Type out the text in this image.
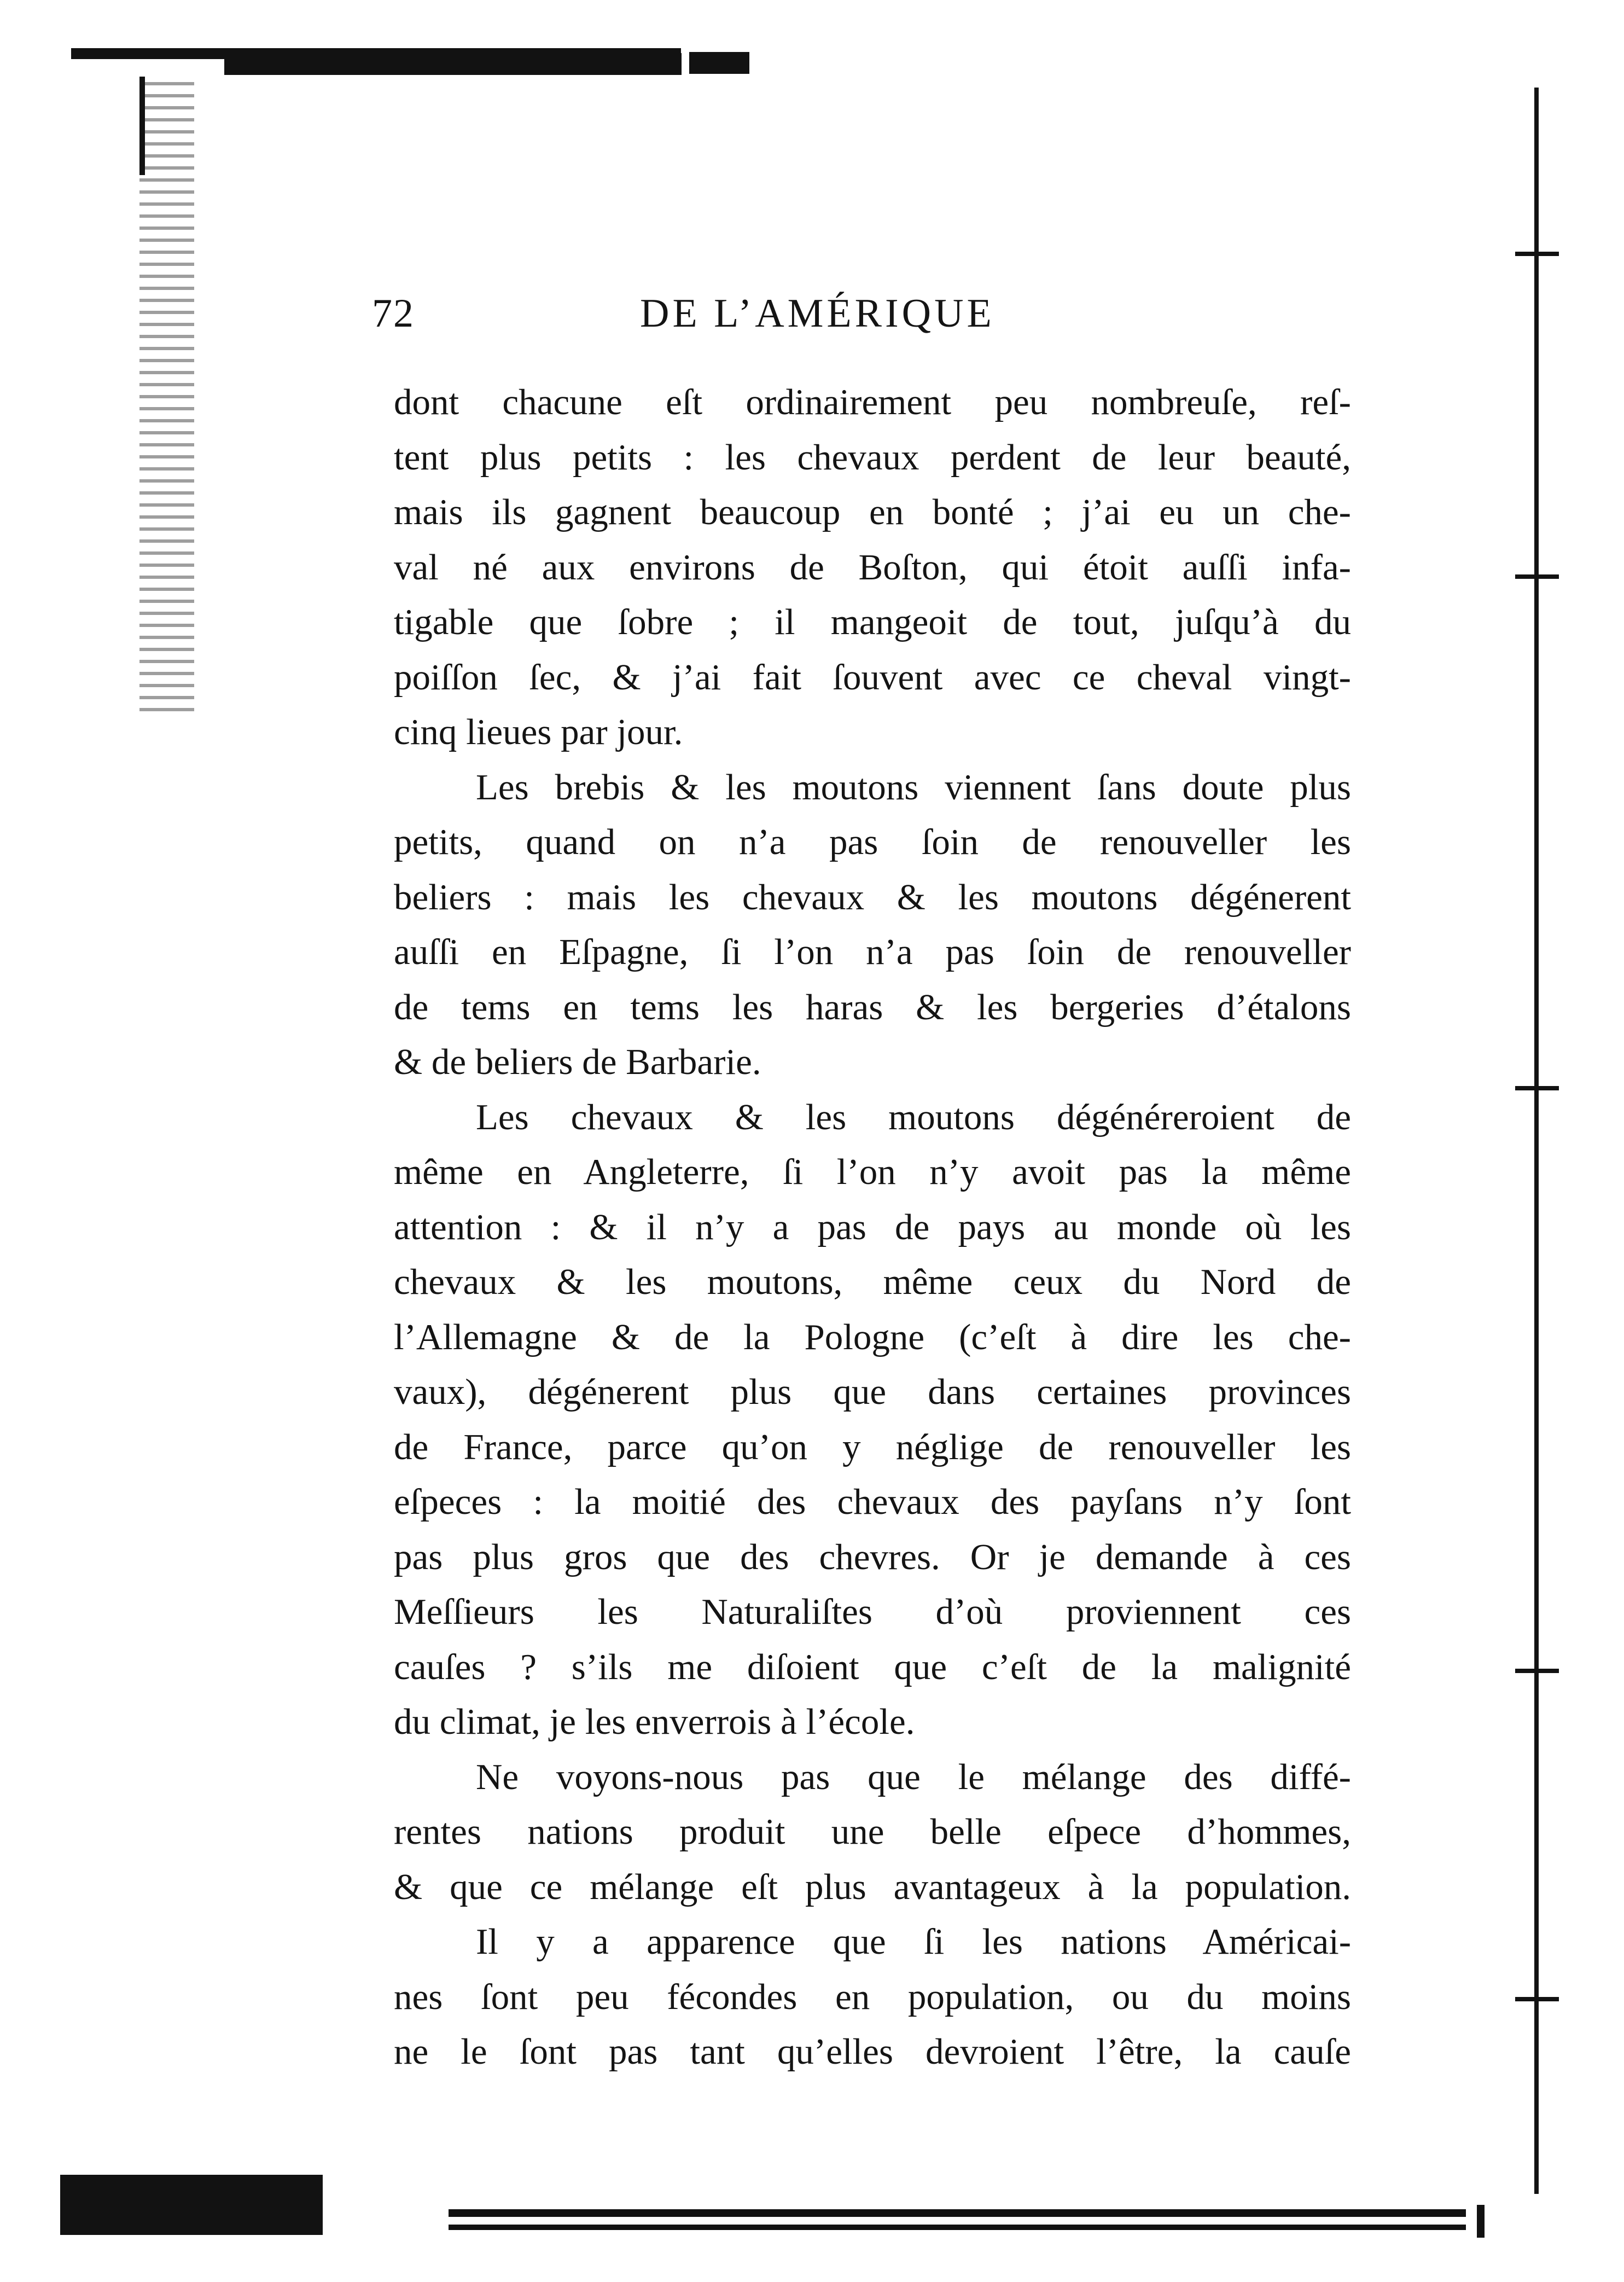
72	DE L’AMÉRIQUE
dont chacune eſt ordinairement peu nombreuſe, reſ-
tent plus petits : les chevaux perdent de leur beauté,
mais ils gagnent beaucoup en bonté ; j’ai eu un che-
val né aux environs de Boſton, qui étoit auſſi infa-
tigable que ſobre ; il mangeoit de tout, juſqu’à du
poiſſon ſec, & j’ai fait ſouvent avec ce cheval vingt-
cinq lieues par jour.
Les brebis & les moutons viennent ſans doute plus
petits, quand on n’a pas ſoin de renouveller les
beliers : mais les chevaux & les moutons dégénerent
auſſi en Eſpagne, ſi l’on n’a pas ſoin de renouveller
de tems en tems les haras & les bergeries d’étalons
& de beliers de Barbarie.
Les chevaux & les moutons dégénéreroient de
même en Angleterre, ſi l’on n’y avoit pas la même
attention : & il n’y a pas de pays au monde où les
chevaux & les moutons, même ceux du Nord de
l’Allemagne & de la Pologne (c’eſt à dire les che-
vaux), dégénerent plus que dans certaines provinces
de France, parce qu’on y néglige de renouveller les
eſpeces : la moitié des chevaux des payſans n’y ſont
pas plus gros que des chevres. Or je demande à ces
Meſſieurs les Naturaliſtes d’où proviennent ces
cauſes ? s’ils me diſoient que c’eſt de la malignité
du climat, je les enverrois à l’école.
Ne voyons-nous pas que le mélange des diffé-
rentes nations produit une belle eſpece d’hommes,
& que ce mélange eſt plus avantageux à la population.
Il y a apparence que ſi les nations Américai-
nes ſont peu fécondes en population, ou du moins
ne le ſont pas tant qu’elles devroient l’être, la cauſe
